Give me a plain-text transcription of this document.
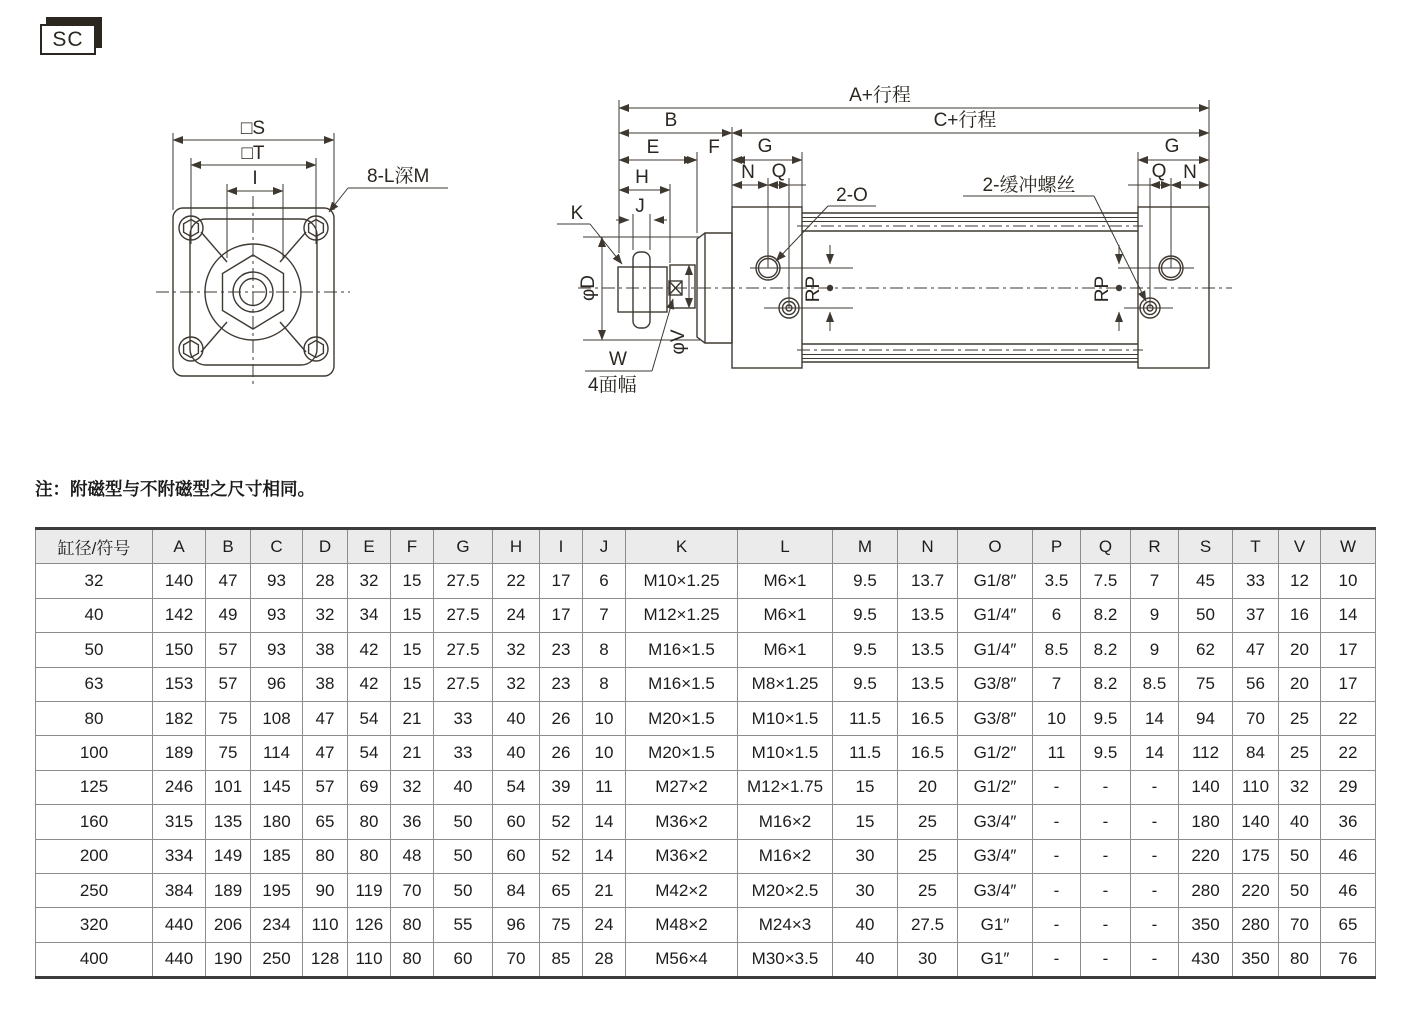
SC
□S
□T
I	8-L深M
A+行程
B	C+行程
E	F G	G
N	N
Q	Q
H
J
K
2-O	2-缓冲螺丝
φD
φV
RP	RP
W
4面幅
注：附磁型与不附磁型之尺寸相同。
缸径/符号	A	B	C	D	E	F	G	H	I	J	K	L	M	N	O	P	Q	R	S	T	V	W
32	140	47	93	28	32	15	27.5	22	17	6	M10×1.25	M6×1	9.5	13.7	G1/8″	3.5	7.5	7	45	33	12	10
40	142	49	93	32	34	15	27.5	24	17	7	M12×1.25	M6×1	9.5	13.5	G1/4″	6	8.2	9	50	37	16	14
50	150	57	93	38	42	15	27.5	32	23	8	M16×1.5	M6×1	9.5	13.5	G1/4″	8.5	8.2	9	62	47	20	17
63	153	57	96	38	42	15	27.5	32	23	8	M16×1.5	M8×1.25	9.5	13.5	G3/8″	7	8.2	8.5	75	56	20	17
80	182	75	108	47	54	21	33	40	26	10	M20×1.5	M10×1.5	11.5	16.5	G3/8″	10	9.5	14	94	70	25	22
100	189	75	114	47	54	21	33	40	26	10	M20×1.5	M10×1.5	11.5	16.5	G1/2″	11	9.5	14	112	84	25	22
125	246	101	145	57	69	32	40	54	39	11	M27×2	M12×1.75	15	20	G1/2″	-	-	-	140	110	32	29
160	315	135	180	65	80	36	50	60	52	14	M36×2	M16×2	15	25	G3/4″	-	-	-	180	140	40	36
200	334	149	185	80	80	48	50	60	52	14	M36×2	M16×2	30	25	G3/4″	-	-	-	220	175	50	46
250	384	189	195	90	119	70	50	84	65	21	M42×2	M20×2.5	30	25	G3/4″	-	-	-	280	220	50	46
320	440	206	234	110	126	80	55	96	75	24	M48×2	M24×3	40	27.5	G1″	-	-	-	350	280	70	65
400	440	190	250	128	110	80	60	70	85	28	M56×4	M30×3.5	40	30	G1″	-	-	-	430	350	80	76
